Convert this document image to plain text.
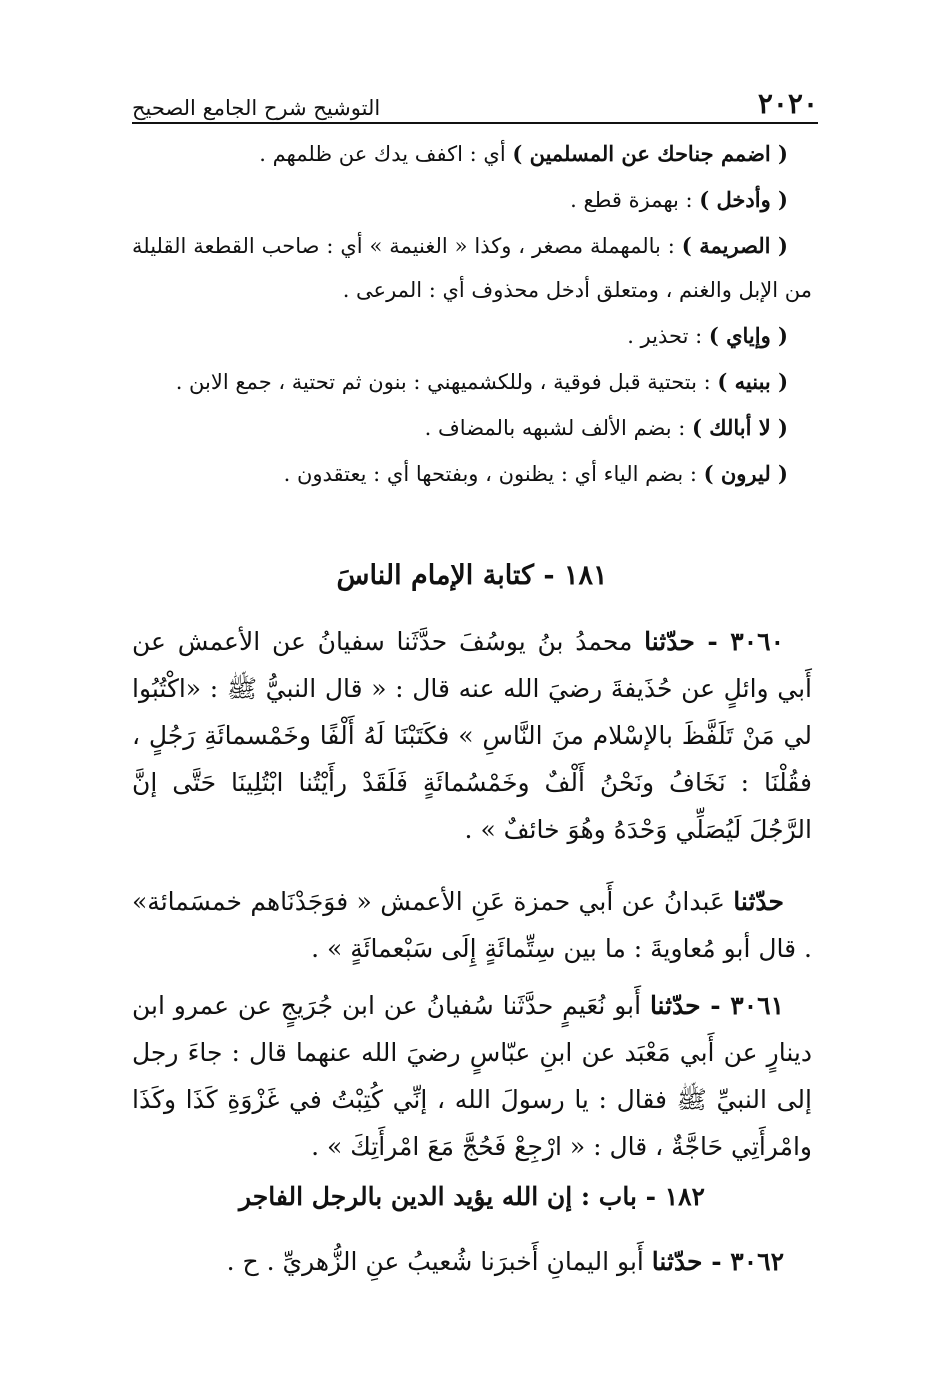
٢٠٢٠
التوشيح شرح الجامع الصحيح

( اضمم جناحك عن المسلمين ) أي : اكفف يدك عن ظلمهم .

( وأدخل ) : بهمزة قطع .

( الصريمة ) : بالمهملة مصغر ، وكذا « الغنيمة » أي : صاحب القطعة القليلة من الإبل والغنم ، ومتعلق أدخل محذوف أي : المرعى .

( وإياي ) : تحذير .

( ببنيه ) : بتحتية قبل فوقية ، وللكشميهني : بنون ثم تحتية ، جمع الابن .

( لا أبالك ) : بضم الألف لشبهه بالمضاف .

( ليرون ) : بضم الياء أي : يظنون ، وبفتحها أي : يعتقدون .

١٨١ - كتابة الإمام الناسَ

٣٠٦٠ - حدّثنا محمدُ بنُ يوسُفَ حدَّثَنا سفيانُ عن الأعمش عن أَبي وائلٍ عن حُذَيفةَ رضيَ الله عنه قال : « قال النبيُّ ﷺ : «اكْتُبُوا لي مَنْ تَلَفَّظَ بالإسْلام منَ النَّاسِ » فكَتَبْنَا لَهُ أَلْفًا وخَمْسمائَةِ رَجُلٍ ، فقُلْنَا : نَخَافُ ونَحْنُ أَلْفٌ وخَمْسُمائَةٍ فَلَقَدْ رأَيْتُنا ابْتُلِينَا حَتَّى إنَّ الرَّجُلَ لَيُصَلِّي وَحْدَهُ وهُوَ خائفٌ » .

حدّثنا عَبدانُ عن أَبي حمزة عَنِ الأعمش « فوَجَدْنَاهم خمسَمائة» . قال أبو مُعاويةَ : ما بين سِتِّمائَةٍ إِلَى سَبْعمائَةٍ » .

٣٠٦١ - حدّثنا أَبو نُعَيمٍ حدَّثَنا سُفيانُ عن ابن جُرَيجٍ عن عمرو ابن دينارٍ عن أَبي مَعْبَد عن ابنِ عبّاسٍ رضيَ الله عنهما قال : جاءَ رجل إلى النبيِّ ﷺ فقال : يا رسولَ الله ، إنِّي كُتِبْتُ في غَزْوَةِ كَذَا وكَذَا وامْرأَتِي حَاجَّةٌ ، قال : « ارْجِعْ فَحُجَّ مَعَ امْرأَتِكَ » .

١٨٢ - باب : إن الله يؤيد الدين بالرجل الفاجر

٣٠٦٢ - حدّثنا أَبو اليمانِ أَخبرَنا شُعيبُ عنِ الزُّهريِّ . ح .
